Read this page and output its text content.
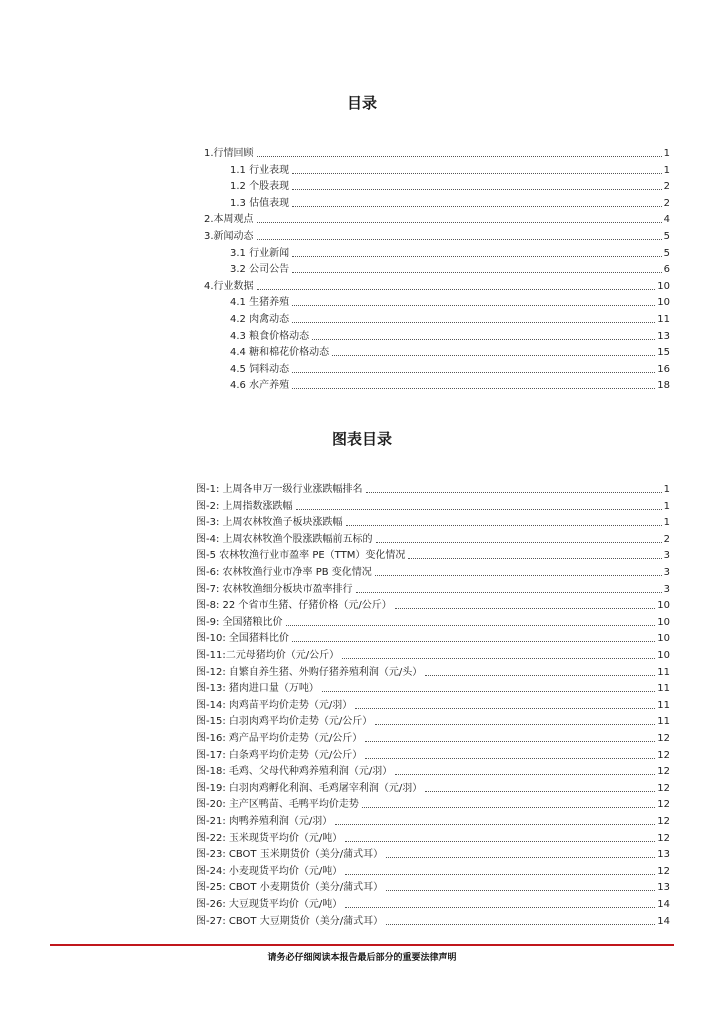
目录
1.行情回顾	1
1.1 行业表现	1
1.2 个股表现	2
1.3 估值表现	2
2.本周观点	4
3.新闻动态	5
3.1 行业新闻	5
3.2 公司公告	6
4.行业数据	10
4.1 生猪养殖	10
4.2 肉禽动态	11
4.3 粮食价格动态	13
4.4 糖和棉花价格动态	15
4.5 饲料动态	16
4.6 水产养殖	18
图表目录
图-1: 上周各申万一级行业涨跌幅排名	1
图-2: 上周指数涨跌幅	1
图-3: 上周农林牧渔子板块涨跌幅	1
图-4: 上周农林牧渔个股涨跌幅前五标的	2
图-5 农林牧渔行业市盈率 PE（TTM）变化情况	3
图-6: 农林牧渔行业市净率 PB 变化情况	3
图-7: 农林牧渔细分板块市盈率排行	3
图-8: 22 个省市生猪、仔猪价格（元/公斤）	10
图-9: 全国猪粮比价	10
图-10: 全国猪料比价	10
图-11:二元母猪均价（元/公斤）	10
图-12: 自繁自养生猪、外购仔猪养殖利润（元/头）	11
图-13: 猪肉进口量（万吨）	11
图-14: 肉鸡苗平均价走势（元/羽）	11
图-15: 白羽肉鸡平均价走势（元/公斤）	11
图-16: 鸡产品平均价走势（元/公斤）	12
图-17: 白条鸡平均价走势（元/公斤）	12
图-18: 毛鸡、父母代种鸡养殖利润（元/羽）	12
图-19: 白羽肉鸡孵化利润、毛鸡屠宰利润（元/羽）	12
图-20: 主产区鸭苗、毛鸭平均价走势	12
图-21: 肉鸭养殖利润（元/羽）	12
图-22: 玉米现货平均价（元/吨）	12
图-23: CBOT 玉米期货价（美分/蒲式耳）	13
图-24: 小麦现货平均价（元/吨）	12
图-25: CBOT 小麦期货价（美分/蒲式耳）	13
图-26: 大豆现货平均价（元/吨）	14
图-27: CBOT 大豆期货价（美分/蒲式耳）	14
请务必仔细阅读本报告最后部分的重要法律声明
